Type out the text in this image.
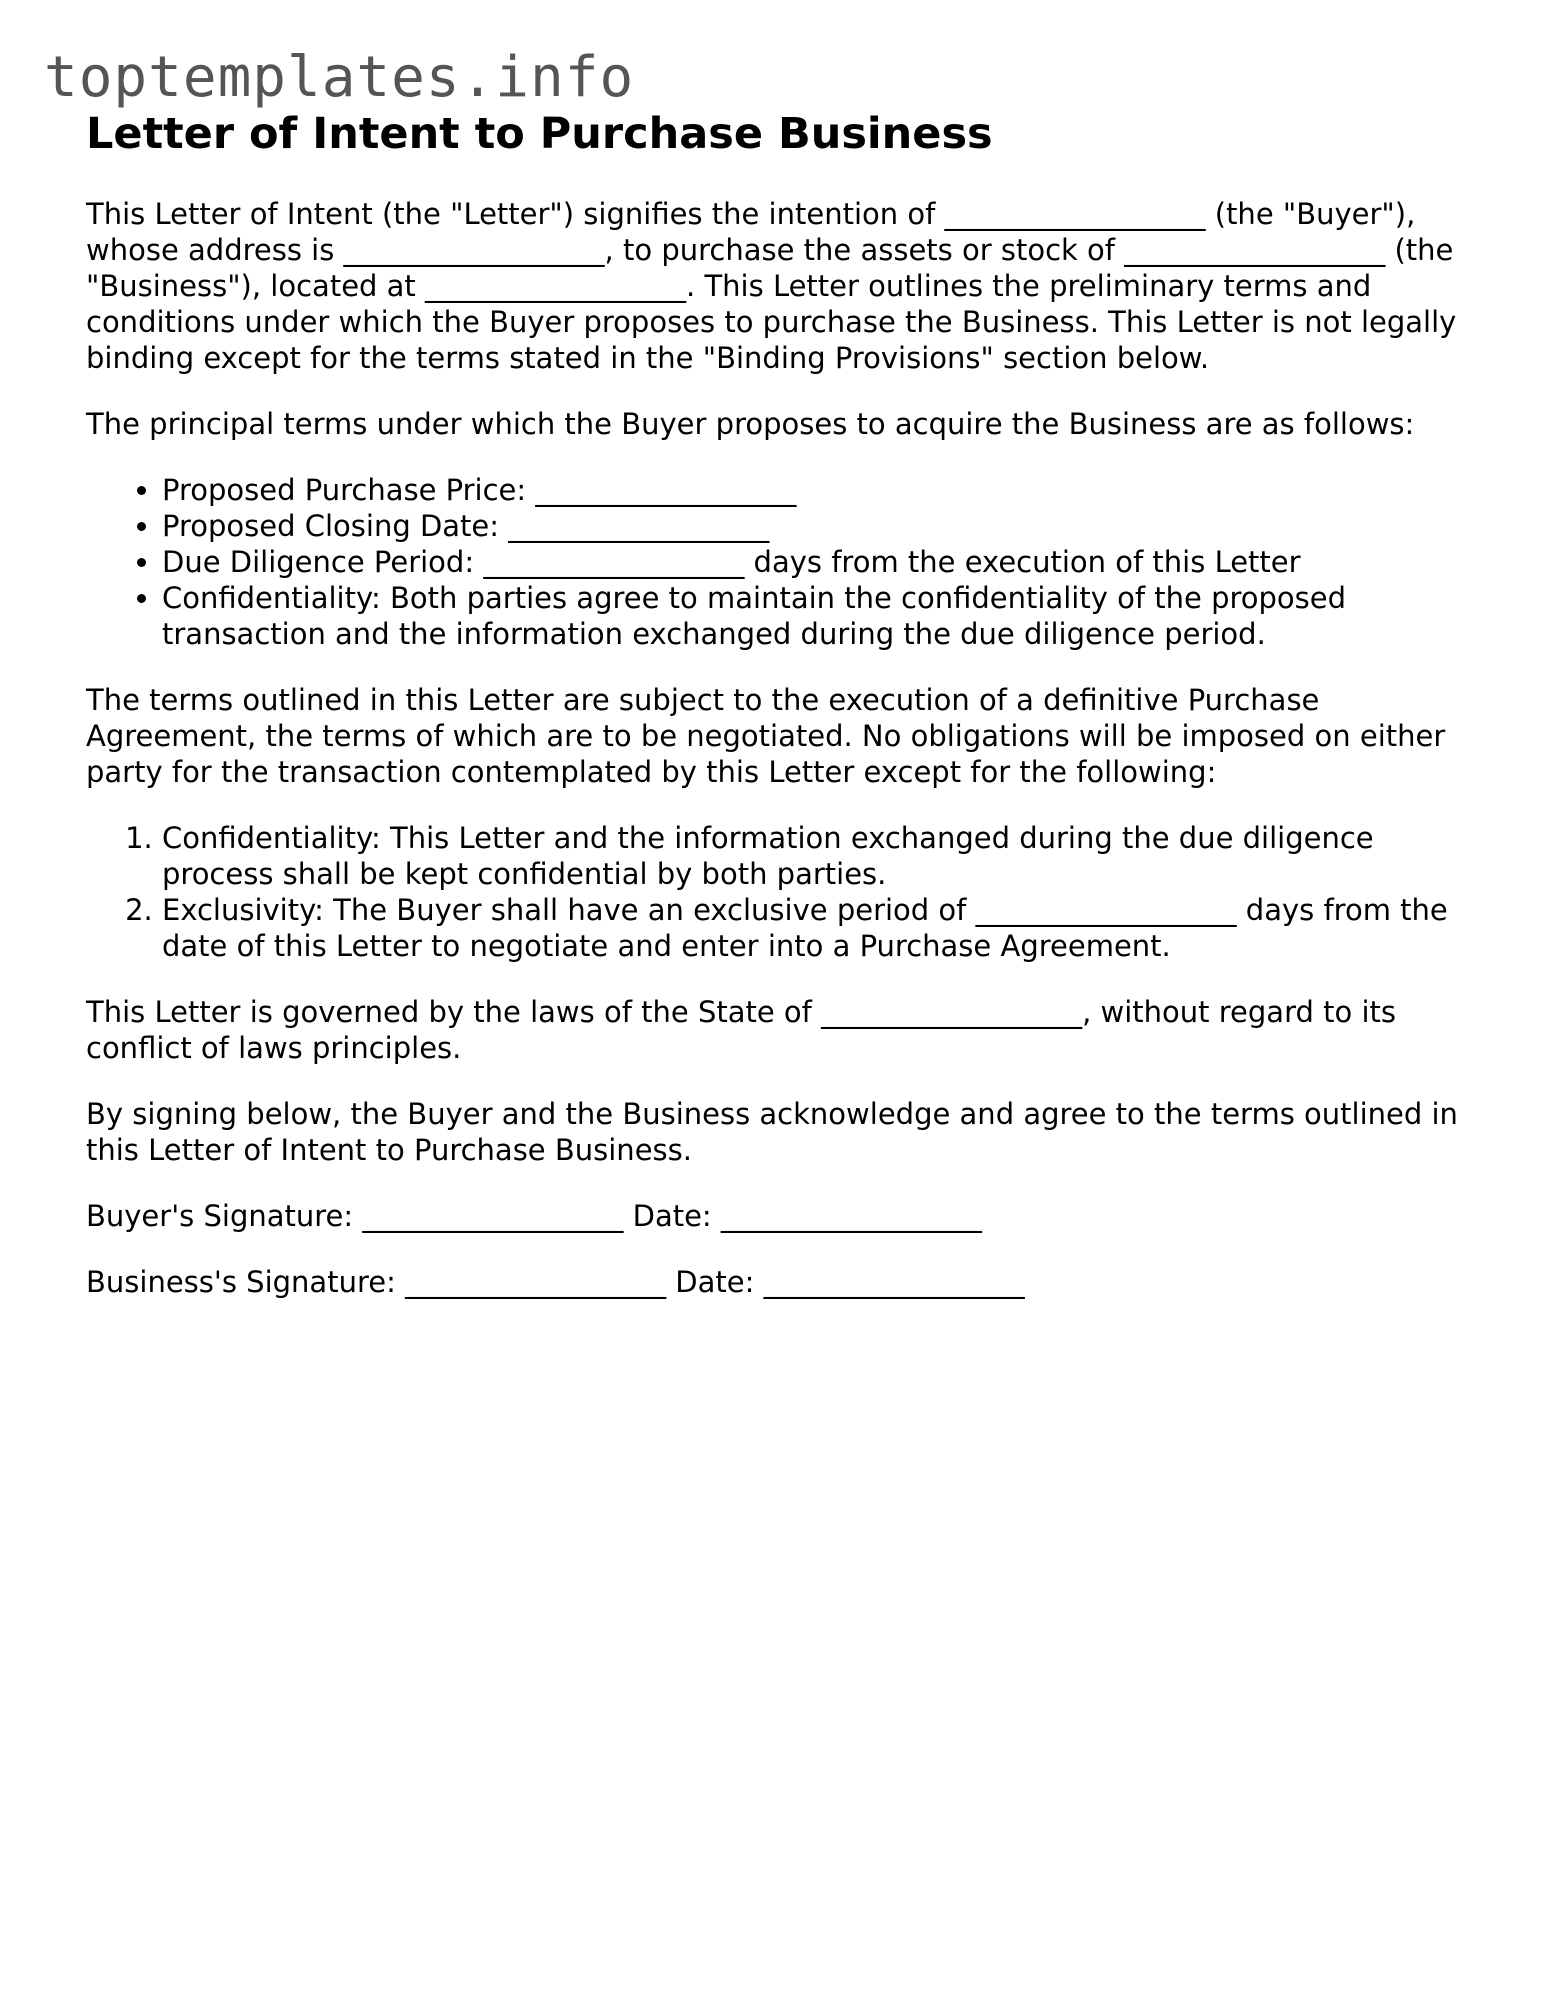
toptemplates.info
Letter of Intent to Purchase Business

This Letter of Intent (the "Letter") signifies the intention of __________________ (the "Buyer"), whose address is __________________, to purchase the assets or stock of __________________ (the "Business"), located at __________________. This Letter outlines the preliminary terms and conditions under which the Buyer proposes to purchase the Business. This Letter is not legally binding except for the terms stated in the "Binding Provisions" section below.

The principal terms under which the Buyer proposes to acquire the Business are as follows:

• Proposed Purchase Price: __________________
• Proposed Closing Date: __________________
• Due Diligence Period: __________________ days from the execution of this Letter
• Confidentiality: Both parties agree to maintain the confidentiality of the proposed transaction and the information exchanged during the due diligence period.

The terms outlined in this Letter are subject to the execution of a definitive Purchase Agreement, the terms of which are to be negotiated. No obligations will be imposed on either party for the transaction contemplated by this Letter except for the following:

1. Confidentiality: This Letter and the information exchanged during the due diligence process shall be kept confidential by both parties.
2. Exclusivity: The Buyer shall have an exclusive period of __________________ days from the date of this Letter to negotiate and enter into a Purchase Agreement.

This Letter is governed by the laws of the State of __________________, without regard to its conflict of laws principles.

By signing below, the Buyer and the Business acknowledge and agree to the terms outlined in this Letter of Intent to Purchase Business.

Buyer's Signature: __________________ Date: __________________

Business's Signature: __________________ Date: __________________
